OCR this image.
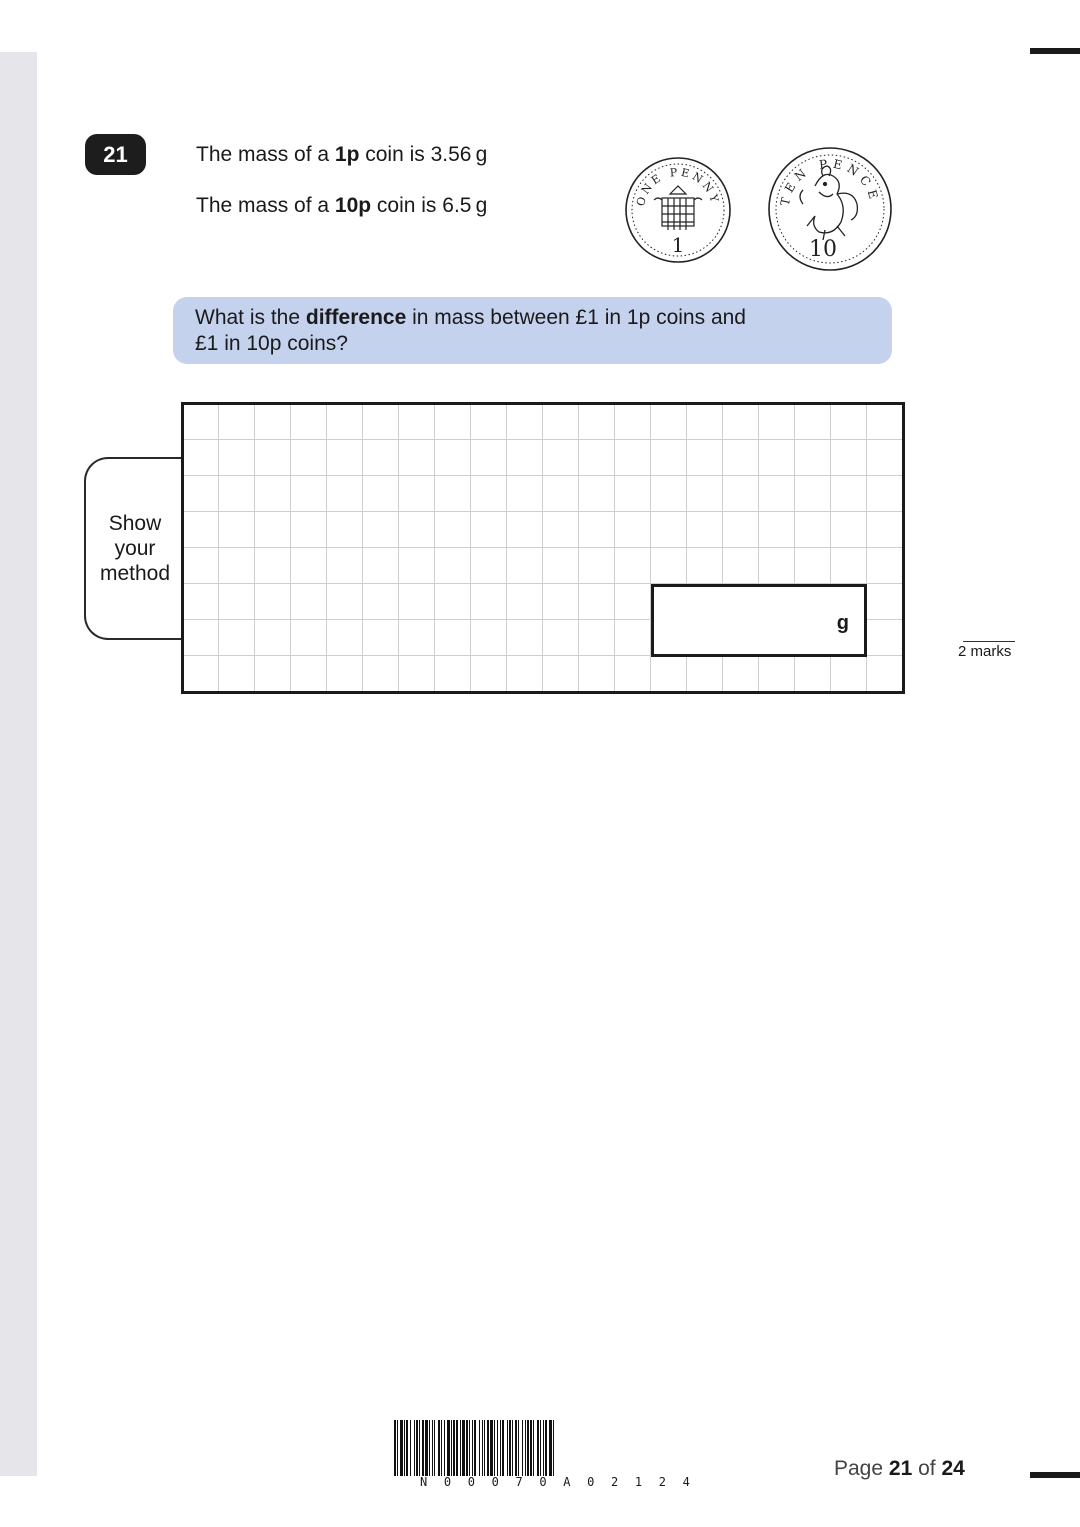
21	The mass of a 1p coin is 3.56 g
The mass of a 10p coin is 6.5 g	ONE PENNY
1
TEN PENCE
10
What is the difference in mass between £1 in 1p coins and
£1 in 10p coins?
Show
your
method
g
2 marks
N 0 0 0 7 0 A 0 2 1 2 4
Page 21 of 24
